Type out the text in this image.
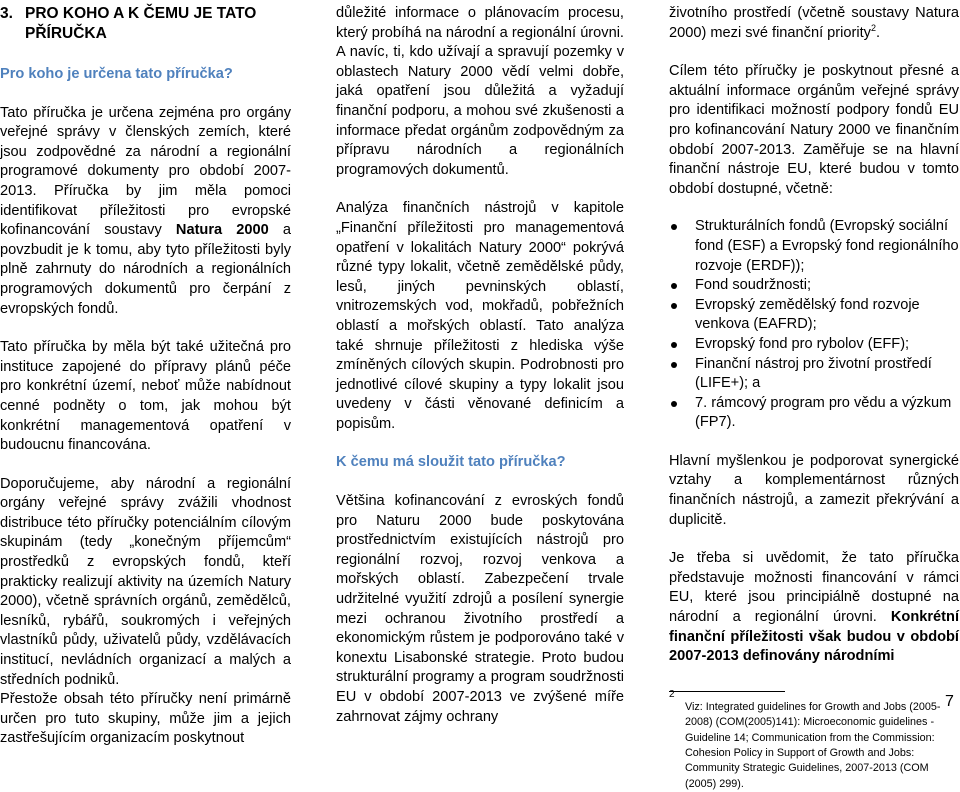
3. PRO KOHO A K ČEMU JE TATO
PŘÍRUČKA
Pro koho je určena tato příručka?

Tato příručka je určena zejména pro orgány veřejné správy v členských zemích, které jsou zodpovědné za národní a regionální programové dokumenty pro období 2007-2013. Příručka by jim měla pomoci identifikovat příležitosti pro evropské kofinancování soustavy Natura 2000 a povzbudit je k tomu, aby tyto příležitosti byly plně zahrnuty do národních a regionálních programových dokumentů pro čerpání z evropských fondů.

Tato příručka by měla být také užitečná pro instituce zapojené do přípravy plánů péče pro konkrétní území, neboť může nabídnout cenné podněty o tom, jak mohou být konkrétní managementová opatření v budoucnu financována.

Doporučujeme, aby národní a regionální orgány veřejné správy zvážili vhodnost distribuce této příručky potenciálním cílovým skupinám (tedy „konečným příjemcům“ prostředků z evropských fondů, kteří prakticky realizují aktivity na územích Natury 2000), včetně správních orgánů, zemědělců, lesníků, rybářů, soukromých i veřejných vlastníků půdy, uživatelů půdy, vzdělávacích institucí, nevládních organizací a malých a středních podniků.

Přestože obsah této příručky není primárně určen pro tuto skupiny, může jim a jejich zastřešujícím organizacím poskytnout

důležité informace o plánovacím procesu, který probíhá na národní a regionální úrovni. A navíc, ti, kdo užívají a spravují pozemky v oblastech Natury 2000 vědí velmi dobře, jaká opatření jsou důležitá a vyžadují finanční podporu, a mohou své zkušenosti a informace předat orgánům zodpovědným za přípravu národních a regionálních programových dokumentů.

Analýza finančních nástrojů v kapitole „Finanční příležitosti pro managementová opatření v lokalitách Natury 2000“ pokrývá různé typy lokalit, včetně zemědělské půdy, lesů, jiných pevninských oblastí, vnitrozemských vod, mokřadů, pobřežních oblastí a mořských oblastí. Tato analýza také shrnuje příležitosti z hlediska výše zmíněných cílových skupin. Podrobnosti pro jednotlivé cílové skupiny a typy lokalit jsou uvedeny v části věnované definicím a popisům.

K čemu má sloužit tato příručka?

Většina kofinancování z evroských fondů pro Naturu 2000 bude poskytována prostřednictvím existujících nástrojů pro regionální rozvoj, rozvoj venkova a mořských oblastí. Zabezpečení trvale udržitelné využití zdrojů a posílení synergie mezi ochranou životního prostředí a ekonomickým růstem je podporováno také v konextu Lisabonské strategie. Proto budou strukturální programy a program soudržnosti EU v období 2007-2013 ve zvýšené míře zahrnovat zájmy ochrany

životního prostředí (včetně soustavy Natura 2000) mezi své finanční priority$^2$.

Cílem této příručky je poskytnout přesné a aktuální informace orgánům veřejné správy pro identifikaci možností podpory fondů EU pro kofinancování Natury 2000 ve finančním období 2007-2013. Zaměřuje se na hlavní finanční nástroje EU, které budou v tomto období dostupné, včetně:

Strukturálních fondů (Evropský sociální fond (ESF) a Evropský fond regionálního rozvoje (ERDF));
Fond soudržnosti;
Evropský zemědělský fond rozvoje venkova (EAFRD);
Evropský fond pro rybolov (EFF);
Finanční nástroj pro životní prostředí (LIFE+); a
7. rámcový program pro vědu a výzkum (FP7).

Hlavní myšlenkou je podporovat synergické vztahy a komplementárnost různých finančních nástrojů, a zamezit překrývání a duplicitě.

Je třeba si uvědomit, že tato příručka představuje možnosti financování v rámci EU, které jsou principiálně dostupné na národní a regionální úrovni. Konkrétní finanční příležitosti však budou v období 2007-2013 definovány národními

2
Viz: Integrated guidelines for Growth and Jobs (2005-2008) (COM(2005)141): Microeconomic guidelines - Guideline 14; Communication from the Commission: Cohesion Policy in Support of Growth and Jobs: Community Strategic Guidelines, 2007-2013 (COM (2005) 299).
7
